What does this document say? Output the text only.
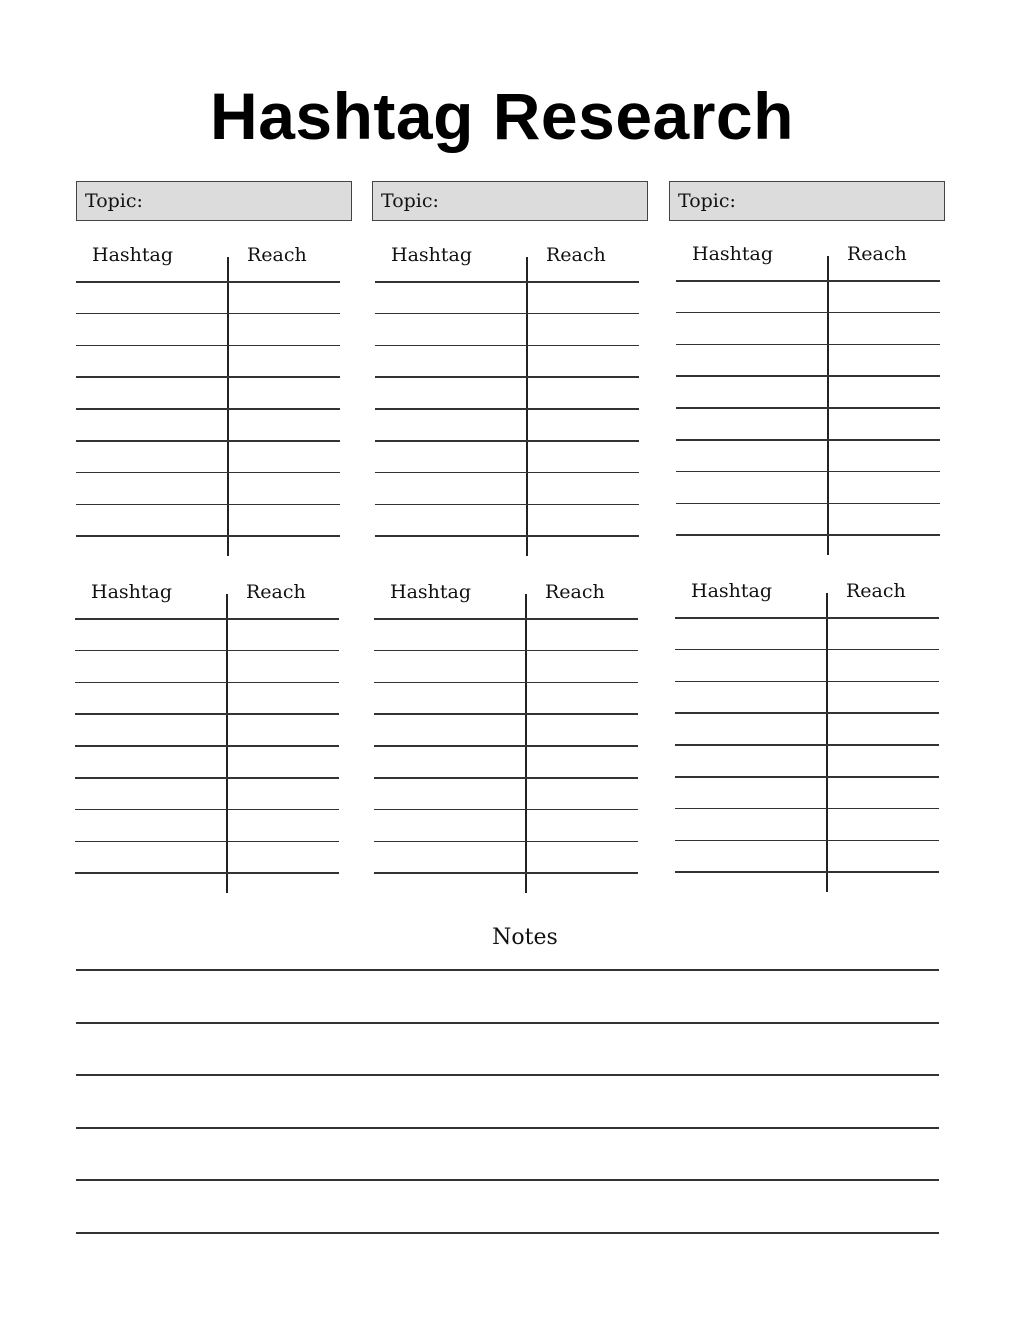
Hashtag Research
Topic:	Topic:	Topic:
Hashtag	Reach	Hashtag	Reach	Hashtag	Reach
Hashtag	Reach	Hashtag	Reach	Hashtag	Reach
Notes
